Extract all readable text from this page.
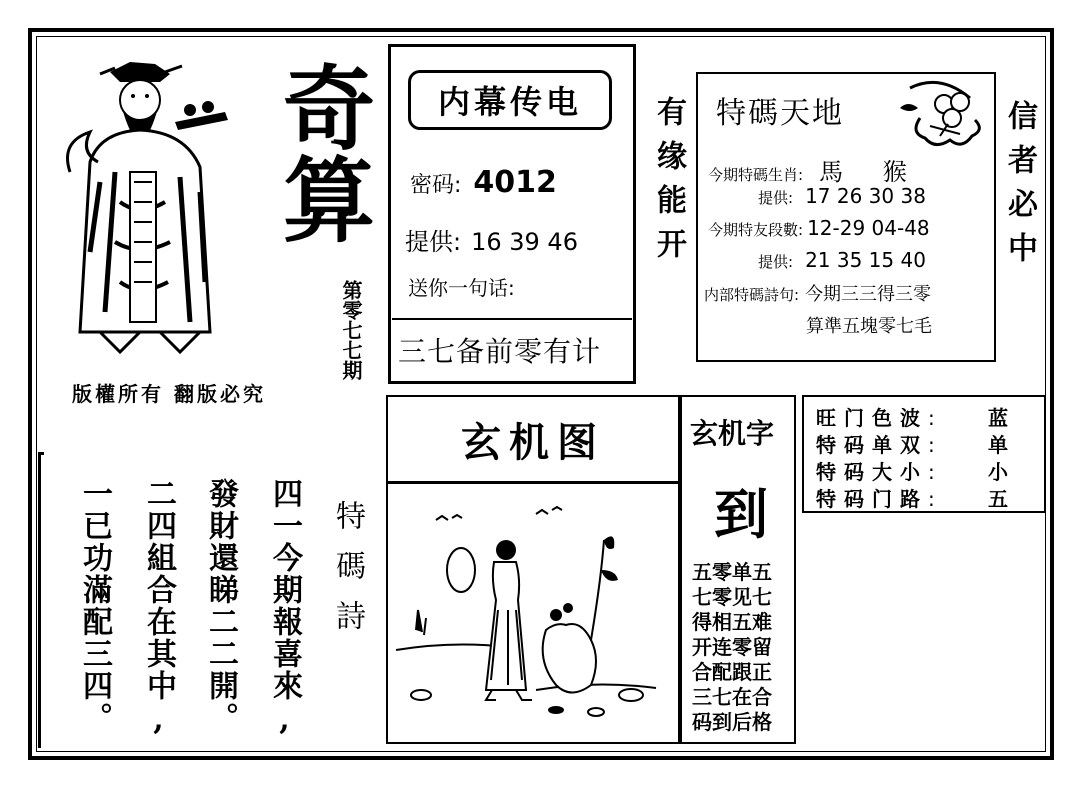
奇算
第零七七期
版權所有 翻版必究
内幕传电
密码: 4012
提供: 16 39 46
送你一句话:
三七备前零有计
有缘能开 特碼天地
今期特碼生肖: 馬 猴
提供: 17 26 30 38
今期特友段數: 12-29 04-48
提供: 21 35 15 40
内部特碼詩句: 今期三三得三零
算準五塊零七毛
信者必中
玄机图	玄机字
到
五零单五
七零见七
得相五难
开连零留
合配跟正
三七在合
码到后格
旺门色波 :	蓝
特码单双 :	单
特码大小 :	小
特码门路 :	五
特碼詩
四一今期報喜來,
發財還睇二二開。
二四組合在其中,
一已功滿配三四。
